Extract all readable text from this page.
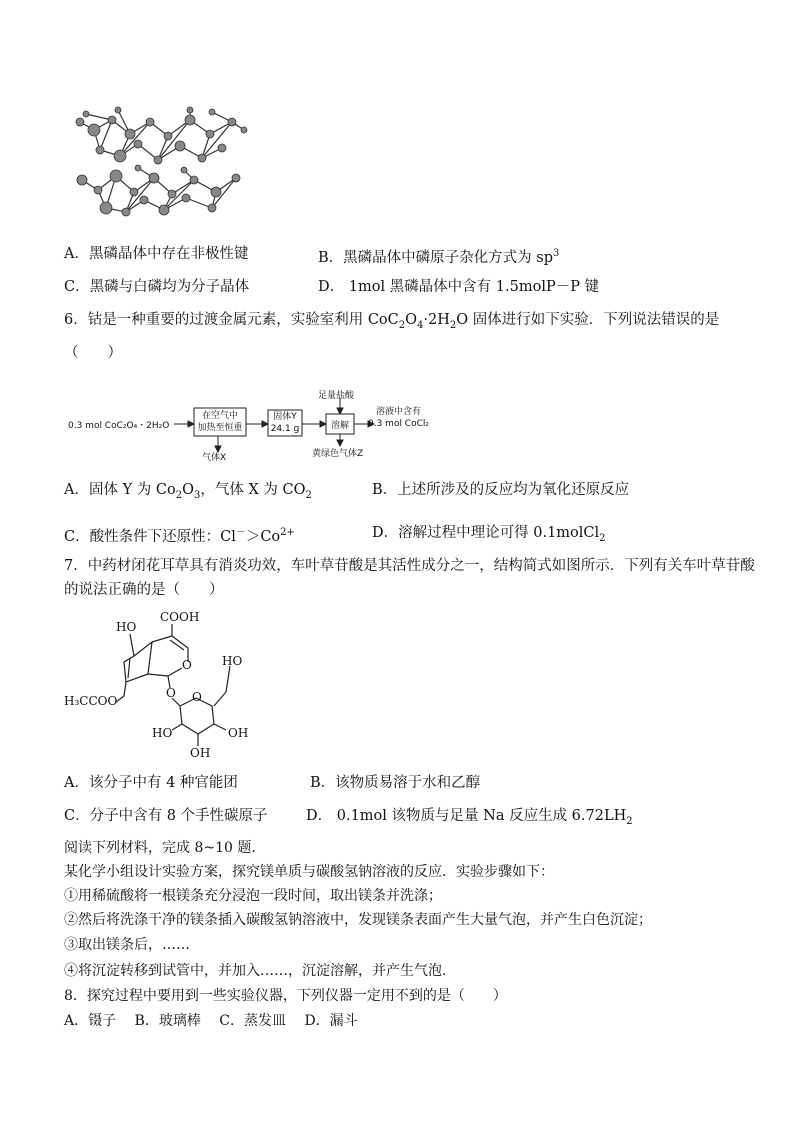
A．黑磷晶体中存在非极性键	B．黑磷晶体中磷原子杂化方式为 $sp^3$
C．黑磷与白磷均为分子晶体	D． 1mol 黑磷晶体中含有 1.5molP－P 键
6．钴是一种重要的过渡金属元素，实验室利用 $CoC_2O_4\cdot 2H_2O$ 固体进行如下实验．下列说法错误的是
（　　）
0.3 mol CoC₂O₄・2H₂O
在空气中
加热至恒重
气体X
固体Y
24.1 g
足量盐酸
溶解
黄绿色气体Z
溶液中含有
0.3 mol CoCl₂
A．固体 Y 为 $Co_2O_3$，气体 X 为 $CO_2$	B．上述所涉及的反应均为氧化还原反应
C．酸性条件下还原性：$Cl^->Co^{2+}$	D．溶解过程中理论可得 0.1molCl$_2$
7．中药材闭花耳草具有消炎功效，车叶草苷酸是其活性成分之一，结构简式如图所示．下列有关车叶草苷酸
的说法正确的是（　　）
COOH
HO
O
H₃CCOO
O O
HO
HO	OH
OH
A．该分子中有 4 种官能团	B．该物质易溶于水和乙醇
C．分子中含有 8 个手性碳原子	D． 0.1mol 该物质与足量 Na 反应生成 $6.72LH_2$
阅读下列材料，完成 8~10 题．
某化学小组设计实验方案，探究镁单质与碳酸氢钠溶液的反应．实验步骤如下：
①用稀硫酸将一根镁条充分浸泡一段时间，取出镁条并洗涤；
②然后将洗涤干净的镁条插入碳酸氢钠溶液中，发现镁条表面产生大量气泡，并产生白色沉淀；
③取出镁条后，……
④将沉淀转移到试管中，并加入……，沉淀溶解，并产生气泡．
8．探究过程中要用到一些实验仪器，下列仪器一定用不到的是（　　）
A．镊子　 B．玻璃棒　 C．蒸发皿　 D．漏斗
